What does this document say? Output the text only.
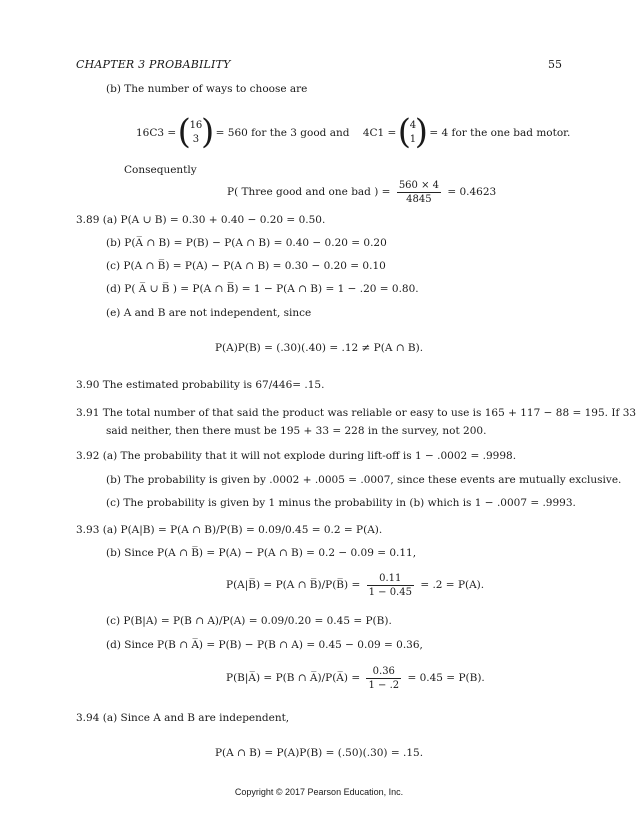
CHAPTER 3 PROBABILITY	55
(b) The number of ways to choose are
16C3 = (
16
3 ) = 560 for the 3 good and 4C1 = (
4
1
) = 4 for the one bad motor.
Consequently
P( Three good and one bad ) = $\frac{560 \times 4}{4845} = 0.4623$
3.89 (a) P(A ∪ B) = 0.30 + 0.40 − 0.20 = 0.50.
(b) P(A̅ ∩ B) = P(B) − P(A ∩ B) = 0.40 − 0.20 = 0.20
(c) P(A ∩ B̅) = P(A) − P(A ∩ B) = 0.30 − 0.20 = 0.10
(d) P( A̅ ∪ B̅ ) = P(A ∩ B̅̅̅̅) = 1 − P(A ∩ B) = 1 − .20 = 0.80.
(e) A and B are not independent, since
P(A)P(B) = (.30)(.40) = .12 ≠ P(A ∩ B).
3.90 The estimated probability is 67/446= .15.
3.91 The total number of that said the product was reliable or easy to use is 165 + 117 − 88 = 195. If 33
said neither, then there must be 195 + 33 = 228 in the survey, not 200.
3.92 (a) The probability that it will not explode during lift-off is 1 − .0002 = .9998.
(b) The probability is given by .0002 + .0005 = .0007, since these events are mutually exclusive.
(c) The probability is given by 1 minus the probability in (b) which is 1 − .0007 = .9993.
3.93 (a) P(A|B) = P(A ∩ B)/P(B) = 0.09/0.45 = 0.2 = P(A).
(b) Since P(A ∩ B̅) = P(A) − P(A ∩ B) = 0.2 − 0.09 = 0.11,
P(A|B̅) = P(A ∩ B̅)/P(B̅) = $\frac{0.11}{1 - 0.45} = .2 = P(A)$.
(c) P(B|A) = P(B ∩ A)/P(A) = 0.09/0.20 = 0.45 = P(B).
(d) Since P(B ∩ A̅) = P(B) − P(B ∩ A) = 0.45 − 0.09 = 0.36,
P(B|A̅) = P(B ∩ A̅)/P(A̅) = $\frac{0.36}{1 - .2} = 0.45 = P(B)$.
3.94 (a) Since A and B are independent,
P(A ∩ B) = P(A)P(B) = (.50)(.30) = .15.
Copyright © 2017 Pearson Education, Inc.
